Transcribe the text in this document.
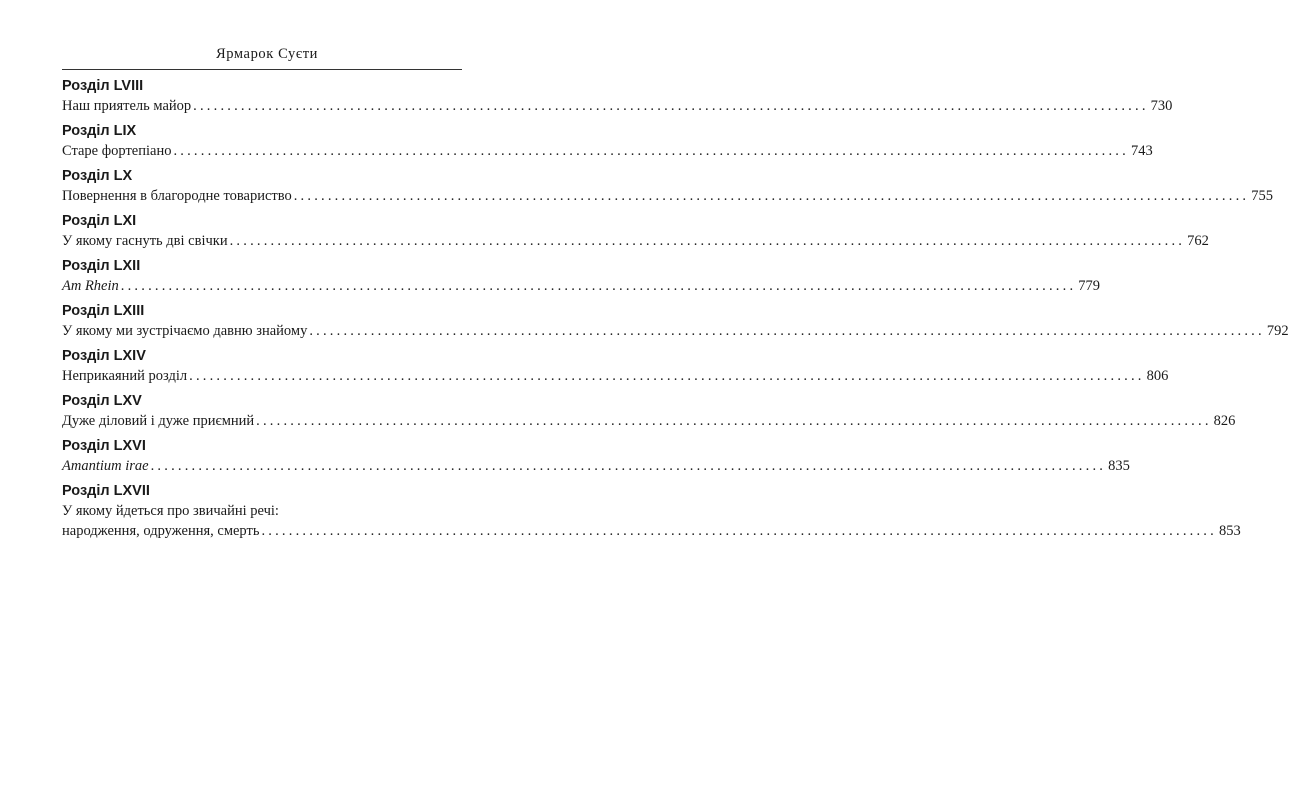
Ярмарок Суєти
Розділ LVIII
Наш приятель майор ............................................................................................................................................ 730
Розділ LIX
Старе фортепіано ............................................................................................................................................ 743
Розділ LX
Повернення в благородне товариство ............................................................................................................................................ 755
Розділ LXI
У якому гаснуть дві свічки ............................................................................................................................................ 762
Розділ LXII
Am Rhein ............................................................................................................................................ 779
Розділ LXIII
У якому ми зустрічаємо давню знайому ............................................................................................................................................ 792
Розділ LXIV
Неприкаяний розділ ............................................................................................................................................ 806
Розділ LXV
Дуже діловий і дуже приємний ............................................................................................................................................ 826
Розділ LXVI
Amantium irae ............................................................................................................................................ 835
Розділ LXVII
У якому йдеться про звичайні речі:
народження, одруження, смерть ............................................................................................................................................ 853
